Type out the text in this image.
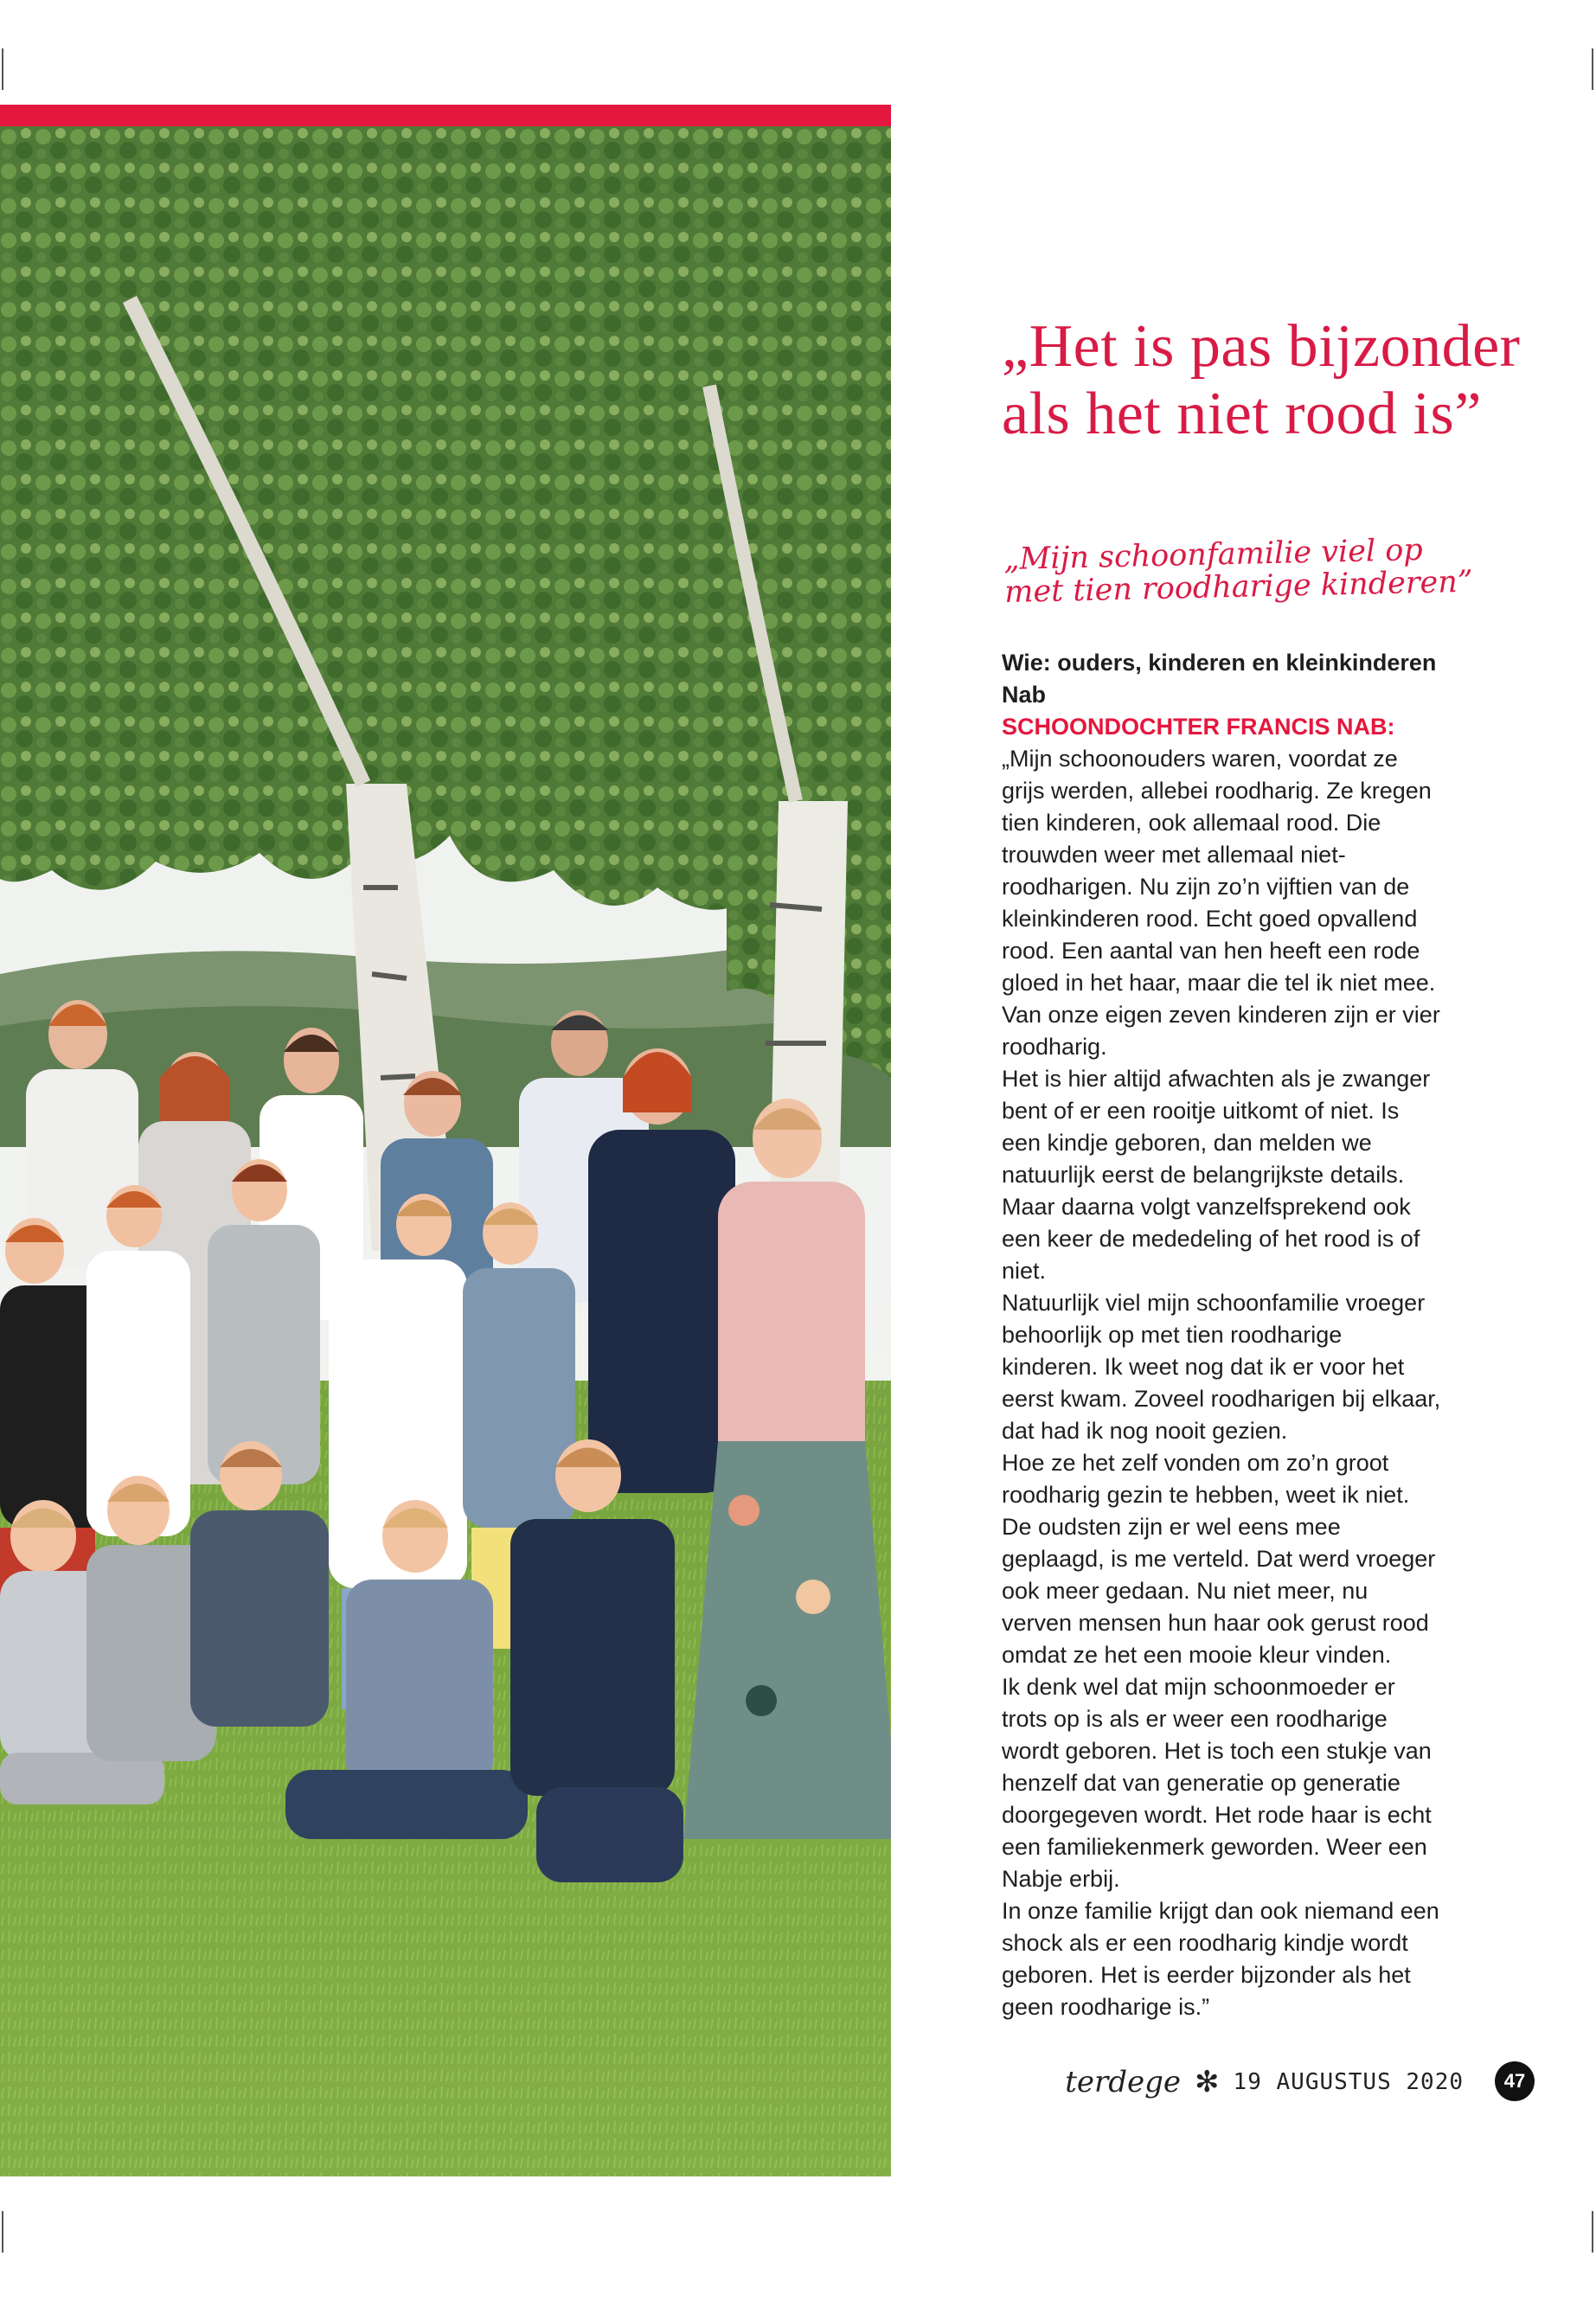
„Het is pas bijzonder als het niet rood is”

„Mijn schoonfamilie viel op met tien roodharige kinderen”

Wie: ouders, kinderen en kleinkinderen Nab

SCHOONDOCHTER FRANCIS NAB:

„Mijn schoonouders waren, voordat ze grijs werden, allebei roodharig. Ze kregen tien kinderen, ook allemaal rood. Die trouwden weer met allemaal niet-roodharigen. Nu zijn zo’n vijftien van de kleinkinderen rood. Echt goed opvallend rood. Een aantal van hen heeft een rode gloed in het haar, maar die tel ik niet mee. Van onze eigen zeven kinderen zijn er vier roodharig.

Het is hier altijd afwachten als je zwanger bent of er een rooitje uitkomt of niet. Is een kindje geboren, dan melden we natuurlijk eerst de belangrijkste details. Maar daarna volgt vanzelfsprekend ook een keer de mededeling of het rood is of niet.

Natuurlijk viel mijn schoonfamilie vroeger behoorlijk op met tien roodharige kinderen. Ik weet nog dat ik er voor het eerst kwam. Zoveel roodharigen bij elkaar, dat had ik nog nooit gezien.

Hoe ze het zelf vonden om zo’n groot roodharig gezin te hebben, weet ik niet. De oudsten zijn er wel eens mee geplaagd, is me verteld. Dat werd vroeger ook meer gedaan. Nu niet meer, nu verven mensen hun haar ook gerust rood omdat ze het een mooie kleur vinden.

Ik denk wel dat mijn schoonmoeder er trots op is als er weer een roodharige wordt geboren. Het is toch een stukje van henzelf dat van generatie op generatie doorgegeven wordt. Het rode haar is echt een familiekenmerk geworden. Weer een Nabje erbij.

In onze familie krijgt dan ook niemand een shock als er een roodharig kindje wordt geboren. Het is eerder bijzonder als het geen roodharige is.”

terdege ✻ 19 AUGUSTUS 2020	47
